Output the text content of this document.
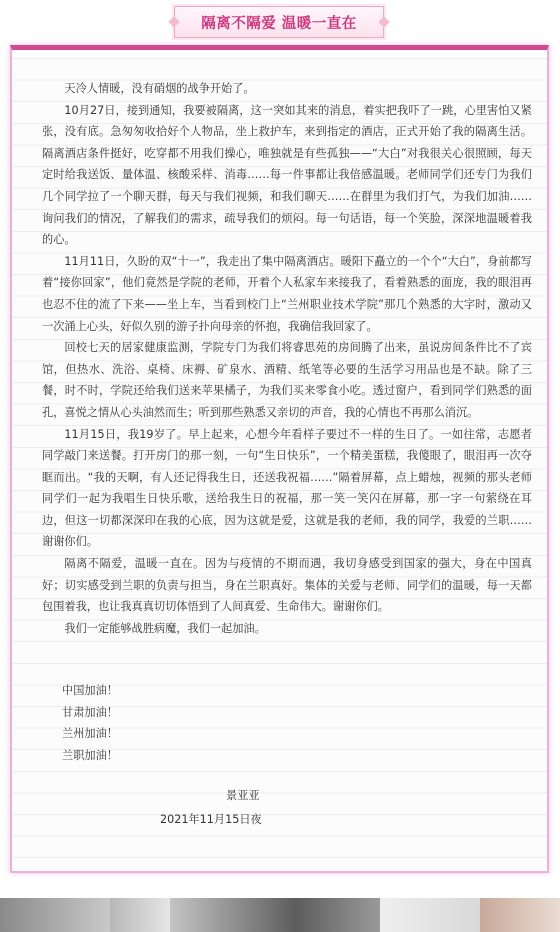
隔离不隔爱 温暖一直在

天冷人情暖，没有硝烟的战争开始了。

10月27日，接到通知，我要被隔离，这一突如其来的消息，着实把我吓了一跳，心里害怕又紧张，没有底。急匆匆收拾好个人物品，坐上救护车，来到指定的酒店，正式开始了我的隔离生活。隔离酒店条件挺好，吃穿都不用我们操心，唯独就是有些孤独——“大白”对我很关心很照顾，每天定时给我送饭、量体温、核酸采样、消毒……每一件事都让我倍感温暖。老师同学们还专门为我们几个同学拉了一个聊天群，每天与我们视频，和我们聊天……在群里为我们打气，为我们加油……询问我们的情况，了解我们的需求，疏导我们的烦闷。每一句话语，每一个笑脸，深深地温暖着我的心。

11月11日，久盼的双“十一”，我走出了集中隔离酒店。暖阳下矗立的一个个“大白”，身前都写着“接你回家”，他们竟然是学院的老师，开着个人私家车来接我了，看着熟悉的面庞，我的眼泪再也忍不住的流了下来——坐上车，当看到校门上“兰州职业技术学院”那几个熟悉的大字时，激动又一次涌上心头，好似久别的游子扑向母亲的怀抱，我确信我回家了。

回校七天的居家健康监测，学院专门为我们将睿思苑的房间腾了出来，虽说房间条件比不了宾馆，但热水、洗浴、桌椅、床褥、矿泉水、酒精、纸笔等必要的生活学习用品也是不缺。除了三餐，时不时，学院还给我们送来苹果橘子，为我们买来零食小吃。透过窗户，看到同学们熟悉的面孔，喜悦之情从心头油然而生；听到那些熟悉又亲切的声音，我的心情也不再那么消沉。

11月15日，我19岁了。早上起来，心想今年看样子要过不一样的生日了。一如往常，志愿者同学敲门来送餐。打开房门的那一刻，一句“生日快乐”，一个精美蛋糕，我傻眼了，眼泪再一次夺眶而出。“我的天啊，有人还记得我生日，还送我祝福……”隔着屏幕，点上蜡烛，视频的那头老师同学们一起为我唱生日快乐歌，送给我生日的祝福，那一笑一笑闪在屏幕，那一字一句萦绕在耳边，但这一切都深深印在我的心底，因为这就是爱，这就是我的老师，我的同学，我爱的兰职……谢谢你们。

隔离不隔爱，温暖一直在。因为与疫情的不期而遇，我切身感受到国家的强大，身在中国真好；切实感受到兰职的负责与担当，身在兰职真好。集体的关爱与老师、同学们的温暖，每一天都包围着我，也让我真真切切体悟到了人间真爱、生命伟大。谢谢你们。

我们一定能够战胜病魔，我们一起加油。

中国加油！
甘肃加油！
兰州加油！
兰职加油！
景亚亚
2021年11月15日夜
